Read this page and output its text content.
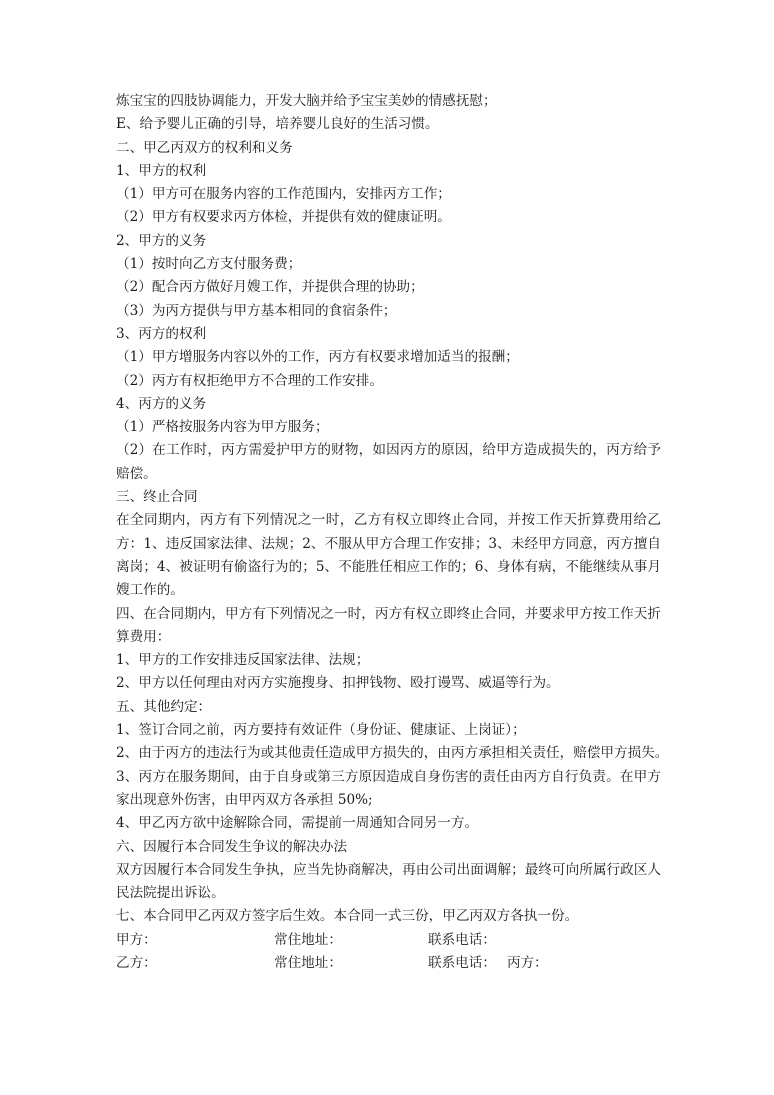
炼宝宝的四肢协调能力，开发大脑并给予宝宝美妙的情感抚慰；
E、给予婴儿正确的引导，培养婴儿良好的生活习惯。
二、甲乙丙双方的权利和义务
1、甲方的权利
（1）甲方可在服务内容的工作范围内，安排丙方工作；
（2）甲方有权要求丙方体检，并提供有效的健康证明。
2、甲方的义务
（1）按时向乙方支付服务费；
（2）配合丙方做好月嫂工作，并提供合理的协助；
（3）为丙方提供与甲方基本相同的食宿条件；
3、丙方的权利
（1）甲方增服务内容以外的工作，丙方有权要求增加适当的报酬；
（2）丙方有权拒绝甲方不合理的工作安排。
4、丙方的义务
（1）严格按服务内容为甲方服务；
（2）在工作时，丙方需爱护甲方的财物，如因丙方的原因，给甲方造成损失的，丙方给予赔偿。
三、终止合同
在全同期内，丙方有下列情况之一时，乙方有权立即终止合同，并按工作天折算费用给乙方：1、违反国家法律、法规；2、不服从甲方合理工作安排；3、未经甲方同意，丙方擅自离岗；4、被证明有偷盗行为的；5、不能胜任相应工作的；6、身体有病，不能继续从事月嫂工作的。
四、在合同期内，甲方有下列情况之一时，丙方有权立即终止合同，并要求甲方按工作天折算费用：
1、甲方的工作安排违反国家法律、法规；
2、甲方以任何理由对丙方实施搜身、扣押钱物、殴打谩骂、威逼等行为。
五、其他约定：
1、签订合同之前，丙方要持有效证件（身份证、健康证、上岗证）；
2、由于丙方的违法行为或其他责任造成甲方损失的，由丙方承担相关责任，赔偿甲方损失。
3、丙方在服务期间，由于自身或第三方原因造成自身伤害的责任由丙方自行负责。在甲方家出现意外伤害，由甲丙双方各承担 50%;
4、甲乙丙方欲中途解除合同，需提前一周通知合同另一方。
六、因履行本合同发生争议的解决办法
双方因履行本合同发生争执，应当先协商解决，再由公司出面调解；最终可向所属行政区人民法院提出诉讼。
七、本合同甲乙丙双方签字后生效。本合同一式三份，甲乙丙双方各执一份。
甲方：	常住地址：	联系电话：
乙方：	常住地址：	联系电话： 丙方：
